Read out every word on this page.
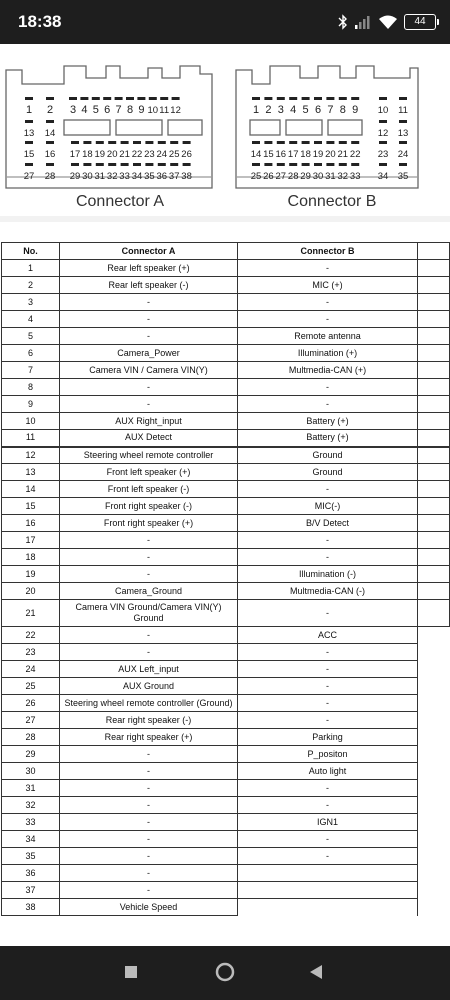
18:38	44
1 2 3 4 5 6 7 8 9 10 11 12
13 14
15 16 17 18 19 20 21 22 23 24 25 26
27 28 29 30 31 32 33 34 35 36 37 38
1 2 3 4 5 6 7 8 9 10 11
12 13
14 15 16 17 18 19 20 21 22 23 24
25 26 27 28 29 30 31 32 33 34 35
Connector A	Connector B
No.	Connector A	Connector B	
1	Rear left speaker (+)	-	
2	Rear left speaker (-)	MIC (+)	
3	-	-	
4	-	-	
5	-	Remote antenna	
6	Camera_Power	Illumination (+)	
7	Camera VIN / Camera VIN(Y)	Multmedia-CAN (+)	
8	-	-	
9	-	-	
10	AUX Right_input	Battery (+)	
11	AUX Detect	Battery (+)	
12	Steering wheel remote controller	Ground	
13	Front left speaker (+)	Ground	
14	Front left speaker (-)	-	
15	Front right speaker (-)	MIC(-)	
16	Front right speaker (+)	B/V Detect	
17	-	-	
18	-	-	
19	-	Illumination (-)	
20	Camera_Ground	Multmedia-CAN (-)	
21	Camera VIN Ground/Camera VIN(Y) Ground	-	
22	-	ACC	
23	-	-	
24	AUX Left_input	-	
25	AUX Ground	-	
26	Steering wheel remote controller (Ground)	-	
27	Rear right speaker (-)	-	
28	Rear right speaker (+)	Parking	
29	-	P_positon	
30	-	Auto light	
31	-	-	
32	-	-	
33	-	IGN1	
34	-	-	
35	-	-	
36	-		
37	-		
38	Vehicle Speed		
